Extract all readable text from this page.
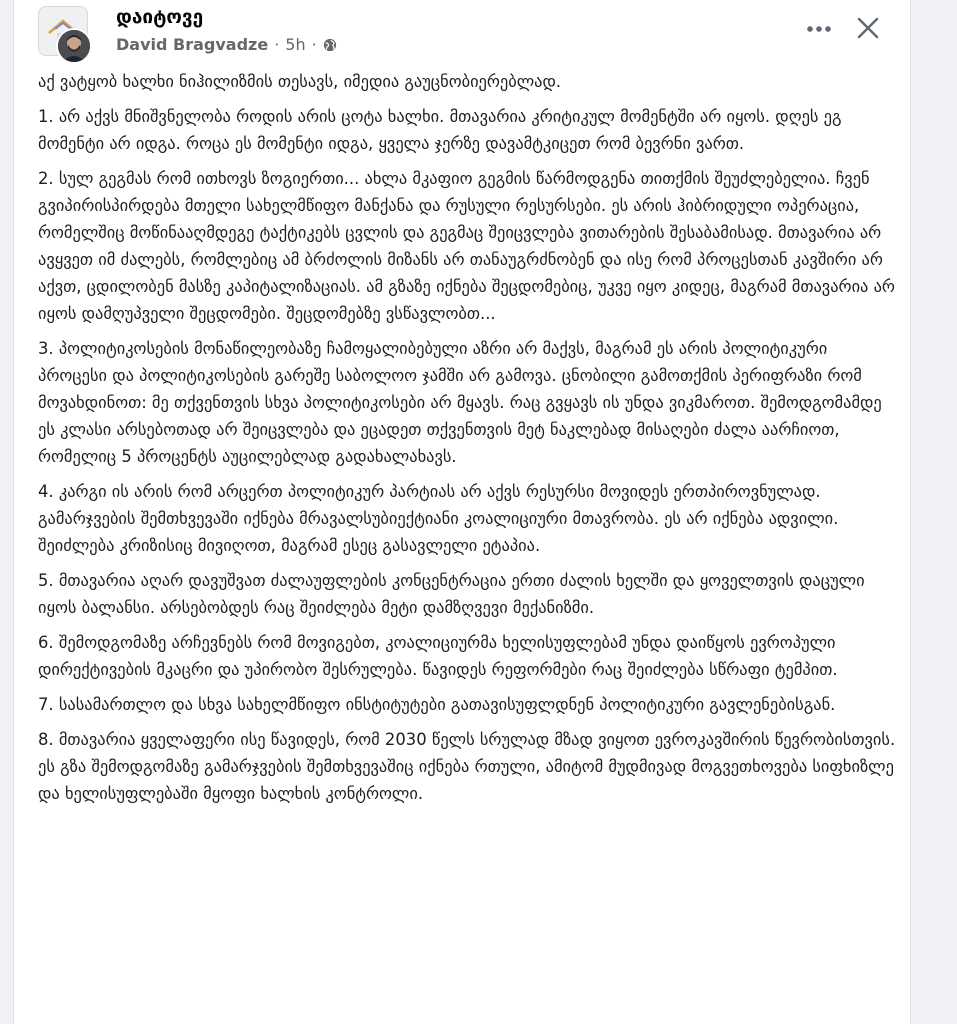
დაიტოვე
David Bragvadze · 5h ·

აქ ვატყობ ხალხი ნიჰილიზმის თესავს, იმედია გაუცნობიერებლად.

1. არ აქვს მნიშვნელობა როდის არის ცოტა ხალხი. მთავარია კრიტიკულ მომენტში არ იყოს. დღეს ეგ მომენტი არ იდგა. როცა ეს მომენტი იდგა, ყველა ჯერზე დავამტკიცეთ რომ ბევრნი ვართ.

2. სულ გეგმას რომ ითხოვს ზოგიერთი... ახლა მკაფიო გეგმის წარმოდგენა თითქმის შეუძლებელია. ჩვენ გვიპირისპირდება მთელი სახელმწიფო მანქანა და რუსული რესურსები. ეს არის ჰიბრიდული ოპერაცია, რომელშიც მოწინააღმდეგე ტაქტიკებს ცვლის და გეგმაც შეიცვლება ვითარების შესაბამისად. მთავარია არ ავყვეთ იმ ძალებს, რომლებიც ამ ბრძოლის მიზანს არ თანაუგრძნობენ და ისე რომ პროცესთან კავშირი არ აქვთ, ცდილობენ მასზე კაპიტალიზაციას. ამ გზაზე იქნება შეცდომებიც, უკვე იყო კიდეც, მაგრამ მთავარია არ იყოს დამღუპველი შეცდომები. შეცდომებზე ვსწავლობთ...

3. პოლიტიკოსების მონაწილეობაზე ჩამოყალიბებული აზრი არ მაქვს, მაგრამ ეს არის პოლიტიკური პროცესი და პოლიტიკოსების გარეშე საბოლოო ჯამში არ გამოვა. ცნობილი გამოთქმის პერიფრაზი რომ მოვახდინოთ: მე თქვენთვის სხვა პოლიტიკოსები არ მყავს. რაც გვყავს ის უნდა ვიკმაროთ. შემოდგომამდე ეს კლასი არსებოთად არ შეიცვლება და ეცადეთ თქვენთვის მეტ ნაკლებად მისაღები ძალა აარჩიოთ, რომელიც 5 პროცენტს აუცილებლად გადახალახავს.

4. კარგი ის არის რომ არცერთ პოლიტიკურ პარტიას არ აქვს რესურსი მოვიდეს ერთპიროვნულად. გამარჯვების შემთხვევაში იქნება მრავალსუბიექტიანი კოალიციური მთავრობა. ეს არ იქნება ადვილი. შეიძლება კრიზისიც მივიღოთ, მაგრამ ესეც გასავლელი ეტაპია.

5. მთავარია აღარ დავუშვათ ძალაუფლების კონცენტრაცია ერთი ძალის ხელში და ყოველთვის დაცული იყოს ბალანსი. არსებობდეს რაც შეიძლება მეტი დამზღვევი მექანიზმი.

6. შემოდგომაზე არჩევნებს რომ მოვიგებთ, კოალიციურმა ხელისუფლებამ უნდა დაიწყოს ევროპული დირექტივების მკაცრი და უპირობო შესრულება. წავიდეს რეფორმები რაც შეიძლება სწრაფი ტემპით.

7. სასამართლო და სხვა სახელმწიფო ინსტიტუტები გათავისუფლდნენ პოლიტიკური გავლენებისგან.

8. მთავარია ყველაფერი ისე წავიდეს, რომ 2030 წელს სრულად მზად ვიყოთ ევროკავშირის წევრობისთვის. ეს გზა შემოდგომაზე გამარჯვების შემთხვევაშიც იქნება რთული, ამიტომ მუდმივად მოგვეთხოვება სიფხიზლე და ხელისუფლებაში მყოფი ხალხის კონტროლი.
